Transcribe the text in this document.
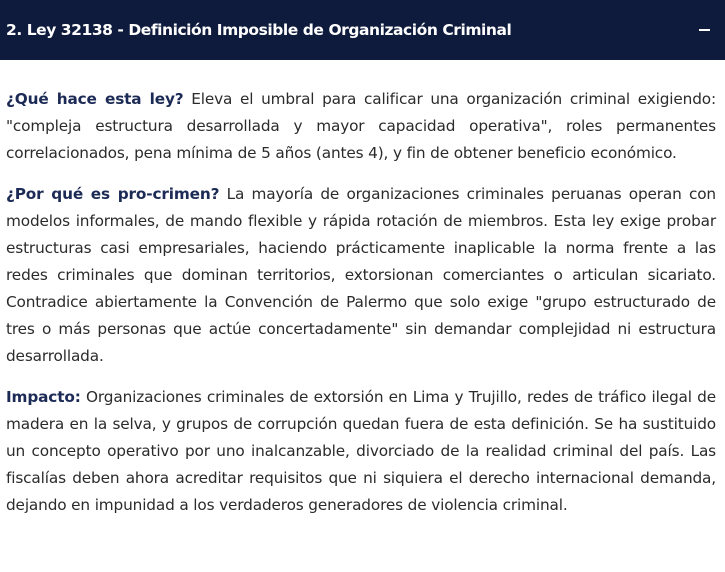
2. Ley 32138 - Definición Imposible de Organización Criminal

¿Qué hace esta ley? Eleva el umbral para calificar una organización criminal exigiendo: "compleja estructura desarrollada y mayor capacidad operativa", roles permanentes correlacionados, pena mínima de 5 años (antes 4), y fin de obtener beneficio económico.

¿Por qué es pro-crimen? La mayoría de organizaciones criminales peruanas operan con modelos informales, de mando flexible y rápida rotación de miembros. Esta ley exige probar estructuras casi empresariales, haciendo prácticamente inaplicable la norma frente a las redes criminales que dominan territorios, extorsionan comerciantes o articulan sicariato. Contradice abiertamente la Convención de Palermo que solo exige "grupo estructurado de tres o más personas que actúe concertadamente" sin demandar complejidad ni estructura desarrollada.

Impacto: Organizaciones criminales de extorsión en Lima y Trujillo, redes de tráfico ilegal de madera en la selva, y grupos de corrupción quedan fuera de esta definición. Se ha sustituido un concepto operativo por uno inalcanzable, divorciado de la realidad criminal del país. Las fiscalías deben ahora acreditar requisitos que ni siquiera el derecho internacional demanda, dejando en impunidad a los verdaderos generadores de violencia criminal.
